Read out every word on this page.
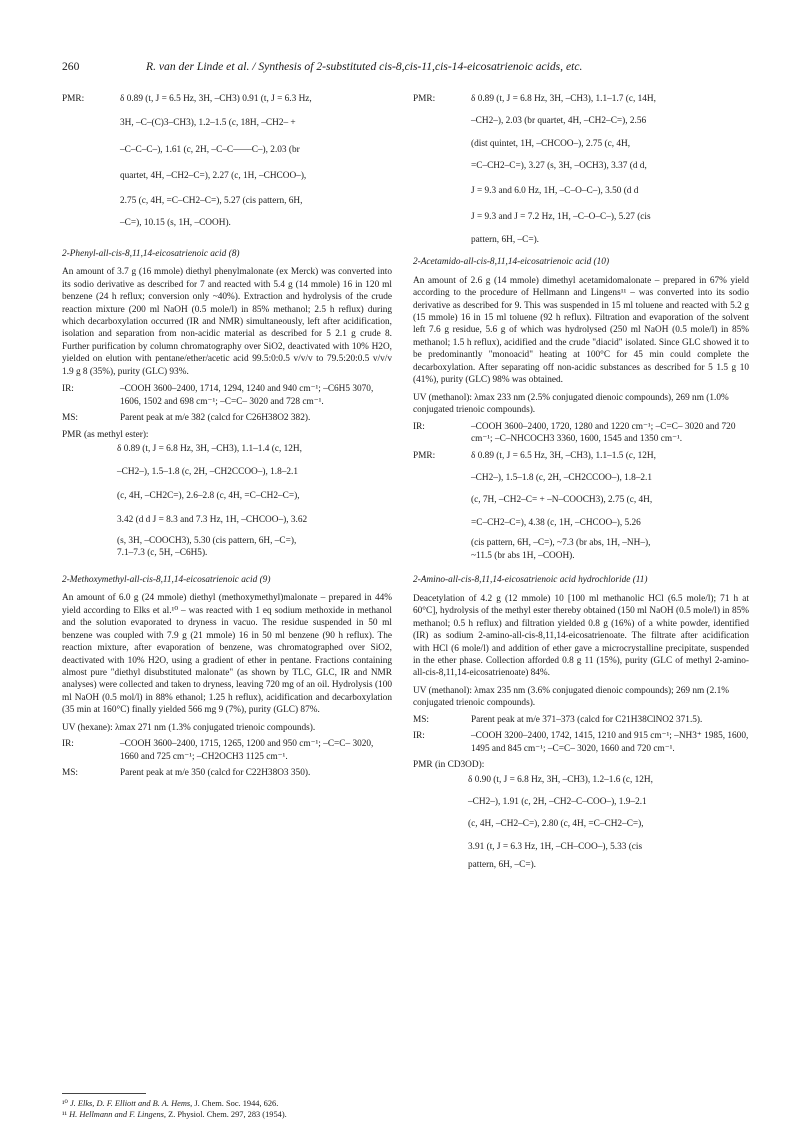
260	R. van der Linde et al. / Synthesis of 2-substituted cis-8,cis-11,cis-14-eicosatrienoic acids, etc.
PMR:	δ 0.89 (t, J = 6.5 Hz, 3H, –CH3) 0.91 (t, J = 6.3 Hz,
3H, –C–(C)3–CH3), 1.2–1.5 (c, 18H, –CH2– +
–C–C–C–), 1.61 (c, 2H, –C–C——C–), 2.03 (br
quartet, 4H, –CH2–C=), 2.27 (c, 1H, –CHCOO–),
2.75 (c, 4H, =C–CH2–C=), 5.27 (cis pattern, 6H,
–C=), 10.15 (s, 1H, –COOH).
2-Phenyl-all-cis-8,11,14-eicosatrienoic acid (8)

An amount of 3.7 g (16 mmole) diethyl phenylmalonate (ex Merck) was converted into its sodio derivative as described for 7 and reacted with 5.4 g (14 mmole) 16 in 120 ml benzene (24 h reflux; conversion only ~40%). Extraction and hydrolysis of the crude reaction mixture (200 ml NaOH (0.5 mole/l) in 85% methanol; 2.5 h reflux) during which decarboxylation occurred (IR and NMR) simultaneously, left after acidification, isolation and separation from non-acidic material as described for 5 2.1 g crude 8. Further purification by column chromatography over SiO2, deactivated with 10% H2O, yielded on elution with pentane/ether/acetic acid 99.5:0:0.5 v/v/v to 79.5:20:0.5 v/v/v 1.9 g 8 (35%), purity (GLC) 93%.

IR:	–COOH 3600–2400, 1714, 1294, 1240 and 940 cm⁻¹; –C6H5 3070, 1606, 1502 and 698 cm⁻¹; –C=C– 3020 and 728 cm⁻¹.
MS:	Parent peak at m/e 382 (calcd for C26H38O2 382).
PMR (as methyl ester):
δ 0.89 (t, J = 6.8 Hz, 3H, –CH3), 1.1–1.4 (c, 12H,
–CH2–), 1.5–1.8 (c, 2H, –CH2CCOO–), 1.8–2.1
(c, 4H, –CH2C=), 2.6–2.8 (c, 4H, =C–CH2–C=),
3.42 (d d J = 8.3 and 7.3 Hz, 1H, –CHCOO–), 3.62
(s, 3H, –COOCH3), 5.30 (cis pattern, 6H, –C=),
7.1–7.3 (c, 5H, –C6H5).
2-Methoxymethyl-all-cis-8,11,14-eicosatrienoic acid (9)

An amount of 6.0 g (24 mmole) diethyl (methoxymethyl)malonate – prepared in 44% yield according to Elks et al.¹⁰ – was reacted with 1 eq sodium methoxide in methanol and the solution evaporated to dryness in vacuo. The residue suspended in 50 ml benzene was coupled with 7.9 g (21 mmole) 16 in 50 ml benzene (90 h reflux). The reaction mixture, after evaporation of benzene, was chromatographed over SiO2, deactivated with 10% H2O, using a gradient of ether in pentane. Fractions containing almost pure "diethyl disubstituted malonate" (as shown by TLC, GLC, IR and NMR analyses) were collected and taken to dryness, leaving 720 mg of an oil. Hydrolysis (100 ml NaOH (0.5 mol/l) in 88% ethanol; 1.25 h reflux), acidification and decarboxylation (35 min at 160°C) finally yielded 566 mg 9 (7%), purity (GLC) 87%.

UV (hexane): λmax 271 nm (1.3% conjugated trienoic compounds).
IR:	–COOH 3600–2400, 1715, 1265, 1200 and 950 cm⁻¹; –C=C– 3020, 1660 and 725 cm⁻¹; –CH2OCH3 1125 cm⁻¹.
MS:	Parent peak at m/e 350 (calcd for C22H38O3 350).
PMR:	δ 0.89 (t, J = 6.8 Hz, 3H, –CH3), 1.1–1.7 (c, 14H,
–CH2–), 2.03 (br quartet, 4H, –CH2–C=), 2.56
(dist quintet, 1H, –CHCOO–), 2.75 (c, 4H,
=C–CH2–C=), 3.27 (s, 3H, –OCH3), 3.37 (d d,
J = 9.3 and 6.0 Hz, 1H, –C–O–C–), 3.50 (d d
J = 9.3 and J = 7.2 Hz, 1H, –C–O–C–), 5.27 (cis
pattern, 6H, –C=).
2-Acetamido-all-cis-8,11,14-eicosatrienoic acid (10)

An amount of 2.6 g (14 mmole) dimethyl acetamidomalonate – prepared in 67% yield according to the procedure of Hellmann and Lingens¹¹ – was converted into its sodio derivative as described for 9. This was suspended in 15 ml toluene and reacted with 5.2 g (15 mmole) 16 in 15 ml toluene (92 h reflux). Filtration and evaporation of the solvent left 7.6 g residue, 5.6 g of which was hydrolysed (250 ml NaOH (0.5 mole/l) in 85% methanol; 1.5 h reflux), acidified and the crude "diacid" isolated. Since GLC showed it to be predominantly "monoacid" heating at 100°C for 45 min could complete the decarboxylation. After separating off non-acidic substances as described for 5 1.5 g 10 (41%), purity (GLC) 98% was obtained.

UV (methanol): λmax 233 nm (2.5% conjugated dienoic compounds), 269 nm (1.0% conjugated trienoic compounds).
IR:	–COOH 3600–2400, 1720, 1280 and 1220 cm⁻¹; –C=C– 3020 and 720 cm⁻¹; –C–NHCOCH3 3360, 1600, 1545 and 1350 cm⁻¹.
PMR:	δ 0.89 (t, J = 6.5 Hz, 3H, –CH3), 1.1–1.5 (c, 12H,
–CH2–), 1.5–1.8 (c, 2H, –CH2CCOO–), 1.8–2.1
(c, 7H, –CH2–C= + –N–COOCH3), 2.75 (c, 4H,
=C–CH2–C=), 4.38 (c, 1H, –CHCOO–), 5.26
(cis pattern, 6H, –C=), ~7.3 (br abs, 1H, –NH–),
~11.5 (br abs 1H, –COOH).
2-Amino-all-cis-8,11,14-eicosatrienoic acid hydrochloride (11)

Deacetylation of 4.2 g (12 mmole) 10 [100 ml methanolic HCl (6.5 mole/l); 71 h at 60°C], hydrolysis of the methyl ester thereby obtained (150 ml NaOH (0.5 mole/l) in 85% methanol; 0.5 h reflux) and filtration yielded 0.8 g (16%) of a white powder, identified (IR) as sodium 2-amino-all-cis-8,11,14-eicosatrienoate. The filtrate after acidification with HCl (6 mole/l) and addition of ether gave a microcrystalline precipitate, suspended in the ether phase. Collection afforded 0.8 g 11 (15%), purity (GLC of methyl 2-amino-all-cis-8,11,14-eicosatrienoate) 84%.

UV (methanol): λmax 235 nm (3.6% conjugated dienoic compounds); 269 nm (2.1% conjugated trienoic compounds).
MS:	Parent peak at m/e 371–373 (calcd for C21H38ClNO2 371.5).
IR:	–COOH 3200–2400, 1742, 1415, 1210 and 915 cm⁻¹; –NH3⁺ 1985, 1600, 1495 and 845 cm⁻¹; –C=C– 3020, 1660 and 720 cm⁻¹.
PMR (in CD3OD):
δ 0.90 (t, J = 6.8 Hz, 3H, –CH3), 1.2–1.6 (c, 12H,
–CH2–), 1.91 (c, 2H, –CH2–C–COO–), 1.9–2.1
(c, 4H, –CH2–C=), 2.80 (c, 4H, =C–CH2–C=),
3.91 (t, J = 6.3 Hz, 1H, –CH–COO–), 5.33 (cis
pattern, 6H, –C=).
¹⁰ J. Elks, D. F. Elliott and B. A. Hems, J. Chem. Soc. 1944, 626.
¹¹ H. Hellmann and F. Lingens, Z. Physiol. Chem. 297, 283 (1954).
